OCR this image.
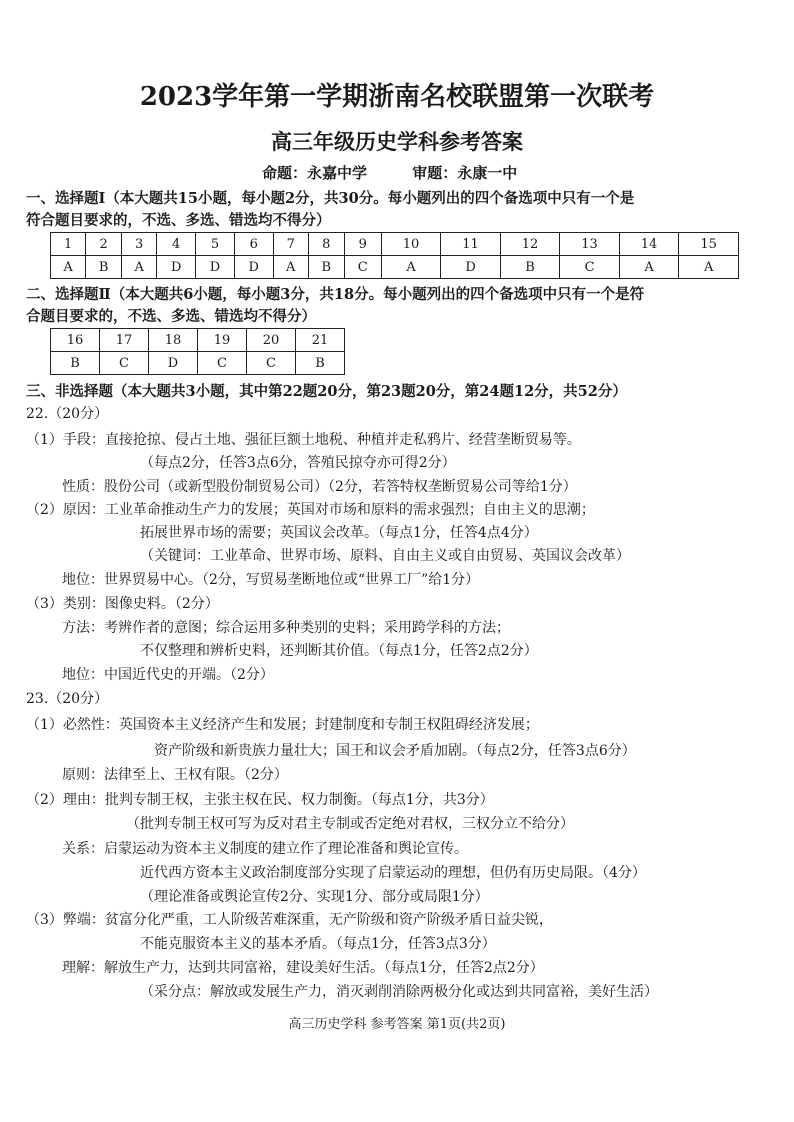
2023学年第一学期浙南名校联盟第一次联考
高三年级历史学科参考答案
命题：永嘉中学	审题：永康一中
一、选择题Ⅰ（本大题共15小题，每小题2分，共30分。每小题列出的四个备选项中只有一个是
符合题目要求的，不选、多选、错选均不得分）
1	2	3	4	5	6	7	8	9	10	11	12	13	14	15
A	B	A	D	D	D	A	B	C	A	D	B	C	A	A
二、选择题Ⅱ（本大题共6小题，每小题3分，共18分。每小题列出的四个备选项中只有一个是符
合题目要求的，不选、多选、错选均不得分）
16	17	18	19	20	21
B	C	D	C	C	B
三、非选择题（本大题共3小题，其中第22题20分，第23题20分，第24题12分，共52分）
22.（20分）
（1）手段：直接抢掠、侵占土地、强征巨额土地税、种植并走私鸦片、经营垄断贸易等。
（每点2分，任答3点6分，答殖民掠夺亦可得2分）
性质：股份公司（或新型股份制贸易公司）（2分，若答特权垄断贸易公司等给1分）
（2）原因：工业革命推动生产力的发展；英国对市场和原料的需求强烈；自由主义的思潮；
拓展世界市场的需要；英国议会改革。（每点1分，任答4点4分）
（关键词：工业革命、世界市场、原料、自由主义或自由贸易、英国议会改革）
地位：世界贸易中心。（2分，写贸易垄断地位或“世界工厂”给1分）
（3）类别：图像史料。（2分）
方法：考辨作者的意图；综合运用多种类别的史料；采用跨学科的方法；
不仅整理和辨析史料，还判断其价值。（每点1分，任答2点2分）
地位：中国近代史的开端。（2分）
23.（20分）
（1）必然性：英国资本主义经济产生和发展；封建制度和专制王权阻碍经济发展；
资产阶级和新贵族力量壮大；国王和议会矛盾加剧。（每点2分，任答3点6分）
原则：法律至上、王权有限。（2分）
（2）理由：批判专制王权，主张主权在民、权力制衡。（每点1分，共3分）
（批判专制王权可写为反对君主专制或否定绝对君权，三权分立不给分）
关系：启蒙运动为资本主义制度的建立作了理论准备和舆论宣传。
近代西方资本主义政治制度部分实现了启蒙运动的理想，但仍有历史局限。（4分）
（理论准备或舆论宣传2分、实现1分、部分或局限1分）
（3）弊端：贫富分化严重，工人阶级苦难深重，无产阶级和资产阶级矛盾日益尖锐，
不能克服资本主义的基本矛盾。（每点1分，任答3点3分）
理解：解放生产力，达到共同富裕，建设美好生活。（每点1分，任答2点2分）
（采分点：解放或发展生产力，消灭剥削消除两极分化或达到共同富裕，美好生活）
高三历史学科 参考答案 第1页(共2页)
